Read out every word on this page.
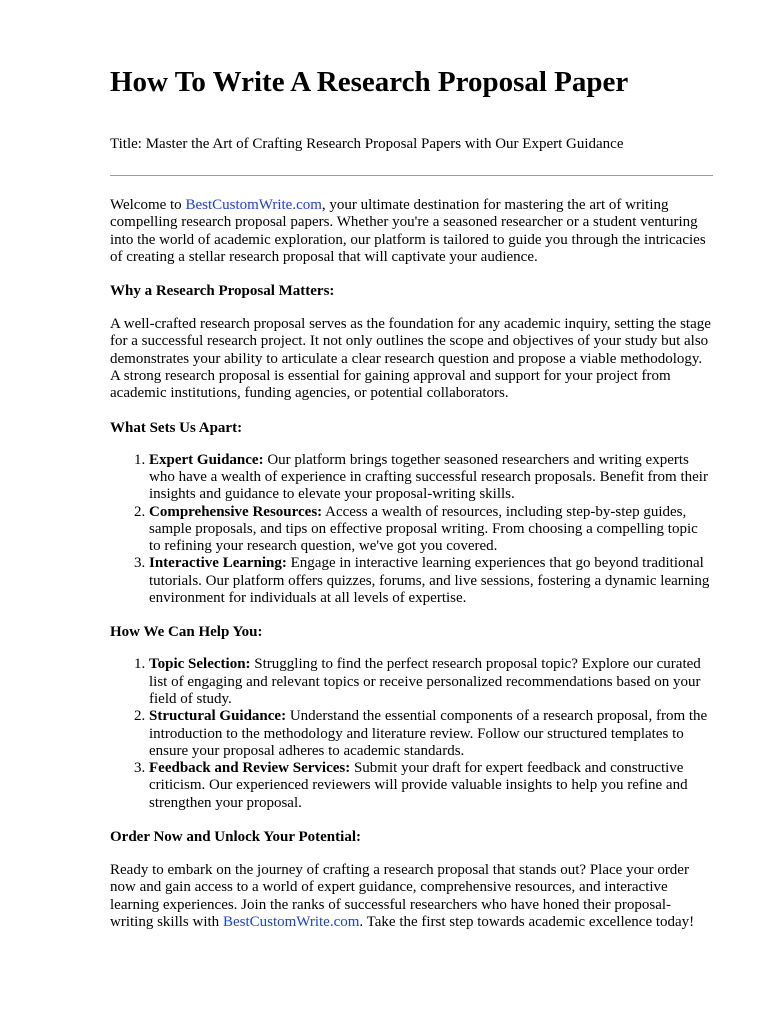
How To Write A Research Proposal Paper

Title: Master the Art of Crafting Research Proposal Papers with Our Expert Guidance

Welcome to BestCustomWrite.com, your ultimate destination for mastering the art of writing compelling research proposal papers. Whether you're a seasoned researcher or a student venturing into the world of academic exploration, our platform is tailored to guide you through the intricacies of creating a stellar research proposal that will captivate your audience.

Why a Research Proposal Matters:

A well-crafted research proposal serves as the foundation for any academic inquiry, setting the stage for a successful research project. It not only outlines the scope and objectives of your study but also demonstrates your ability to articulate a clear research question and propose a viable methodology. A strong research proposal is essential for gaining approval and support for your project from academic institutions, funding agencies, or potential collaborators.

What Sets Us Apart:
1. Expert Guidance: Our platform brings together seasoned researchers and writing experts who have a wealth of experience in crafting successful research proposals. Benefit from their insights and guidance to elevate your proposal-writing skills.
2. Comprehensive Resources: Access a wealth of resources, including step-by-step guides, sample proposals, and tips on effective proposal writing. From choosing a compelling topic to refining your research question, we've got you covered.
3. Interactive Learning: Engage in interactive learning experiences that go beyond traditional tutorials. Our platform offers quizzes, forums, and live sessions, fostering a dynamic learning environment for individuals at all levels of expertise.
How We Can Help You:
1. Topic Selection: Struggling to find the perfect research proposal topic? Explore our curated list of engaging and relevant topics or receive personalized recommendations based on your field of study.
2. Structural Guidance: Understand the essential components of a research proposal, from the introduction to the methodology and literature review. Follow our structured templates to ensure your proposal adheres to academic standards.
3. Feedback and Review Services: Submit your draft for expert feedback and constructive criticism. Our experienced reviewers will provide valuable insights to help you refine and strengthen your proposal.
Order Now and Unlock Your Potential:

Ready to embark on the journey of crafting a research proposal that stands out? Place your order now and gain access to a world of expert guidance, comprehensive resources, and interactive learning experiences. Join the ranks of successful researchers who have honed their proposal-writing skills with BestCustomWrite.com. Take the first step towards academic excellence today!
